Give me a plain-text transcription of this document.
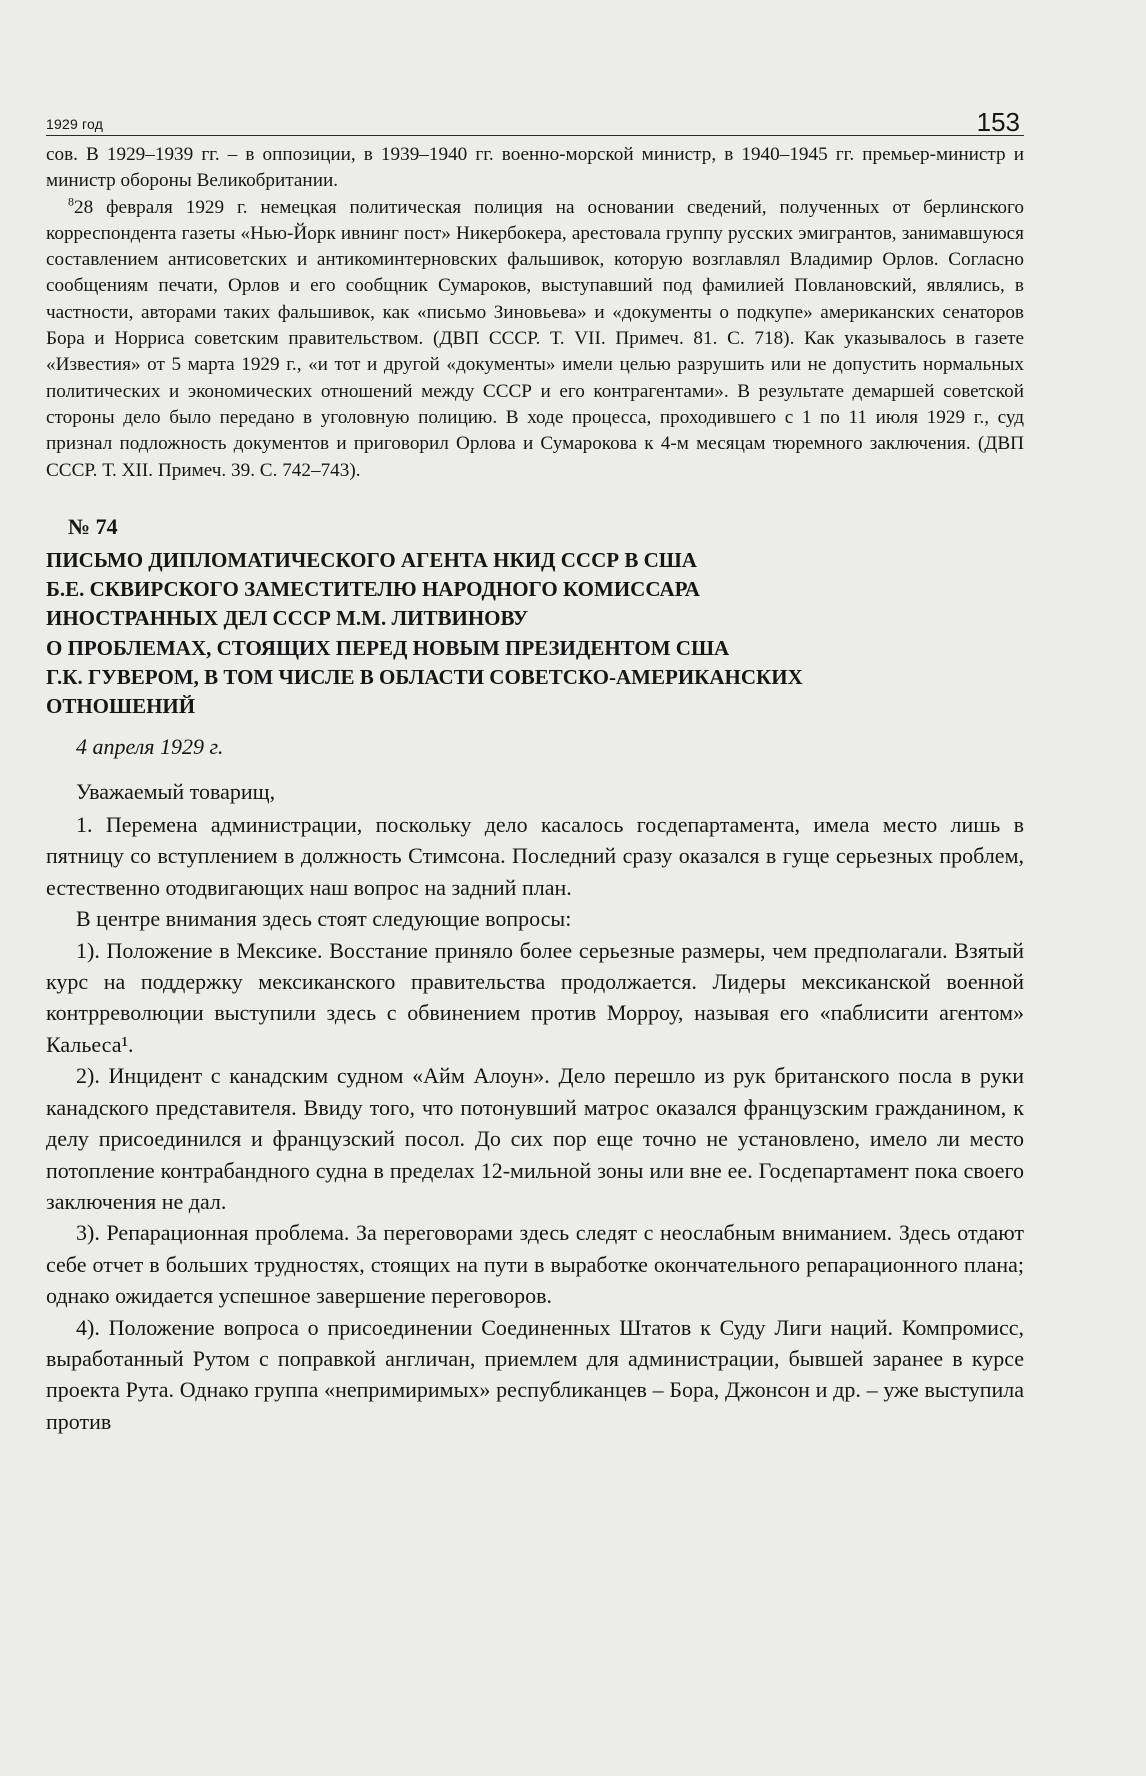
1929 год	153

сов. В 1929–1939 гг. – в оппозиции, в 1939–1940 гг. военно-морской министр, в 1940–1945 гг. премьер-министр и министр обороны Великобритании.

$^8$28 февраля 1929 г. немецкая политическая полиция на основании сведений, полученных от берлинского корреспондента газеты «Нью-Йорк ивнинг пост» Никербокера, арестовала группу русских эмигрантов, занимавшуюся составлением антисоветских и антикоминтерновских фальшивок, которую возглавлял Владимир Орлов. Согласно сообщениям печати, Орлов и его сообщник Сумароков, выступавший под фамилией Повлановский, являлись, в частности, авторами таких фальшивок, как «письмо Зиновьева» и «документы о подкупе» американских сенаторов Бора и Норриса советским правительством. (ДВП СССР. Т. VII. Примеч. 81. С. 718). Как указывалось в газете «Известия» от 5 марта 1929 г., «и тот и другой «документы» имели целью разрушить или не допустить нормальных политических и экономических отношений между СССР и его контрагентами». В результате демаршей советской стороны дело было передано в уголовную полицию. В ходе процесса, проходившего с 1 по 11 июля 1929 г., суд признал подложность документов и приговорил Орлова и Сумарокова к 4-м месяцам тюремного заключения. (ДВП СССР. Т. XII. Примеч. 39. С. 742–743).

№ 74
ПИСЬМО ДИПЛОМАТИЧЕСКОГО АГЕНТА НКИД СССР В США
Б.Е. СКВИРСКОГО ЗАМЕСТИТЕЛЮ НАРОДНОГО КОМИССАРА
ИНОСТРАННЫХ ДЕЛ СССР М.М. ЛИТВИНОВУ
О ПРОБЛЕМАХ, СТОЯЩИХ ПЕРЕД НОВЫМ ПРЕЗИДЕНТОМ США
Г.К. ГУВЕРОМ, В ТОМ ЧИСЛЕ В ОБЛАСТИ СОВЕТСКО-АМЕРИКАНСКИХ
ОТНОШЕНИЙ
4 апреля 1929 г.

Уважаемый товарищ,

1. Перемена администрации, поскольку дело касалось госдепартамента, имела место лишь в пятницу со вступлением в должность Стимсона. Последний сразу оказался в гуще серьезных проблем, естественно отодвигающих наш вопрос на задний план.

В центре внимания здесь стоят следующие вопросы:

1). Положение в Мексике. Восстание приняло более серьезные размеры, чем предполагали. Взятый курс на поддержку мексиканского правительства продолжается. Лидеры мексиканской военной контрреволюции выступили здесь с обвинением против Морроу, называя его «паблисити агентом» Кальеса¹.

2). Инцидент с канадским судном «Айм Алоун». Дело перешло из рук британского посла в руки канадского представителя. Ввиду того, что потонувший матрос оказался французским гражданином, к делу присоединился и французский посол. До сих пор еще точно не установлено, имело ли место потопление контрабандного судна в пределах 12-мильной зоны или вне ее. Госдепартамент пока своего заключения не дал.

3). Репарационная проблема. За переговорами здесь следят с неослабным вниманием. Здесь отдают себе отчет в больших трудностях, стоящих на пути в выработке окончательного репарационного плана; однако ожидается успешное завершение переговоров.

4). Положение вопроса о присоединении Соединенных Штатов к Суду Лиги наций. Компромисс, выработанный Рутом с поправкой англичан, приемлем для администрации, бывшей заранее в курсе проекта Рута. Однако группа «непримиримых» республиканцев – Бора, Джонсон и др. – уже выступила против
